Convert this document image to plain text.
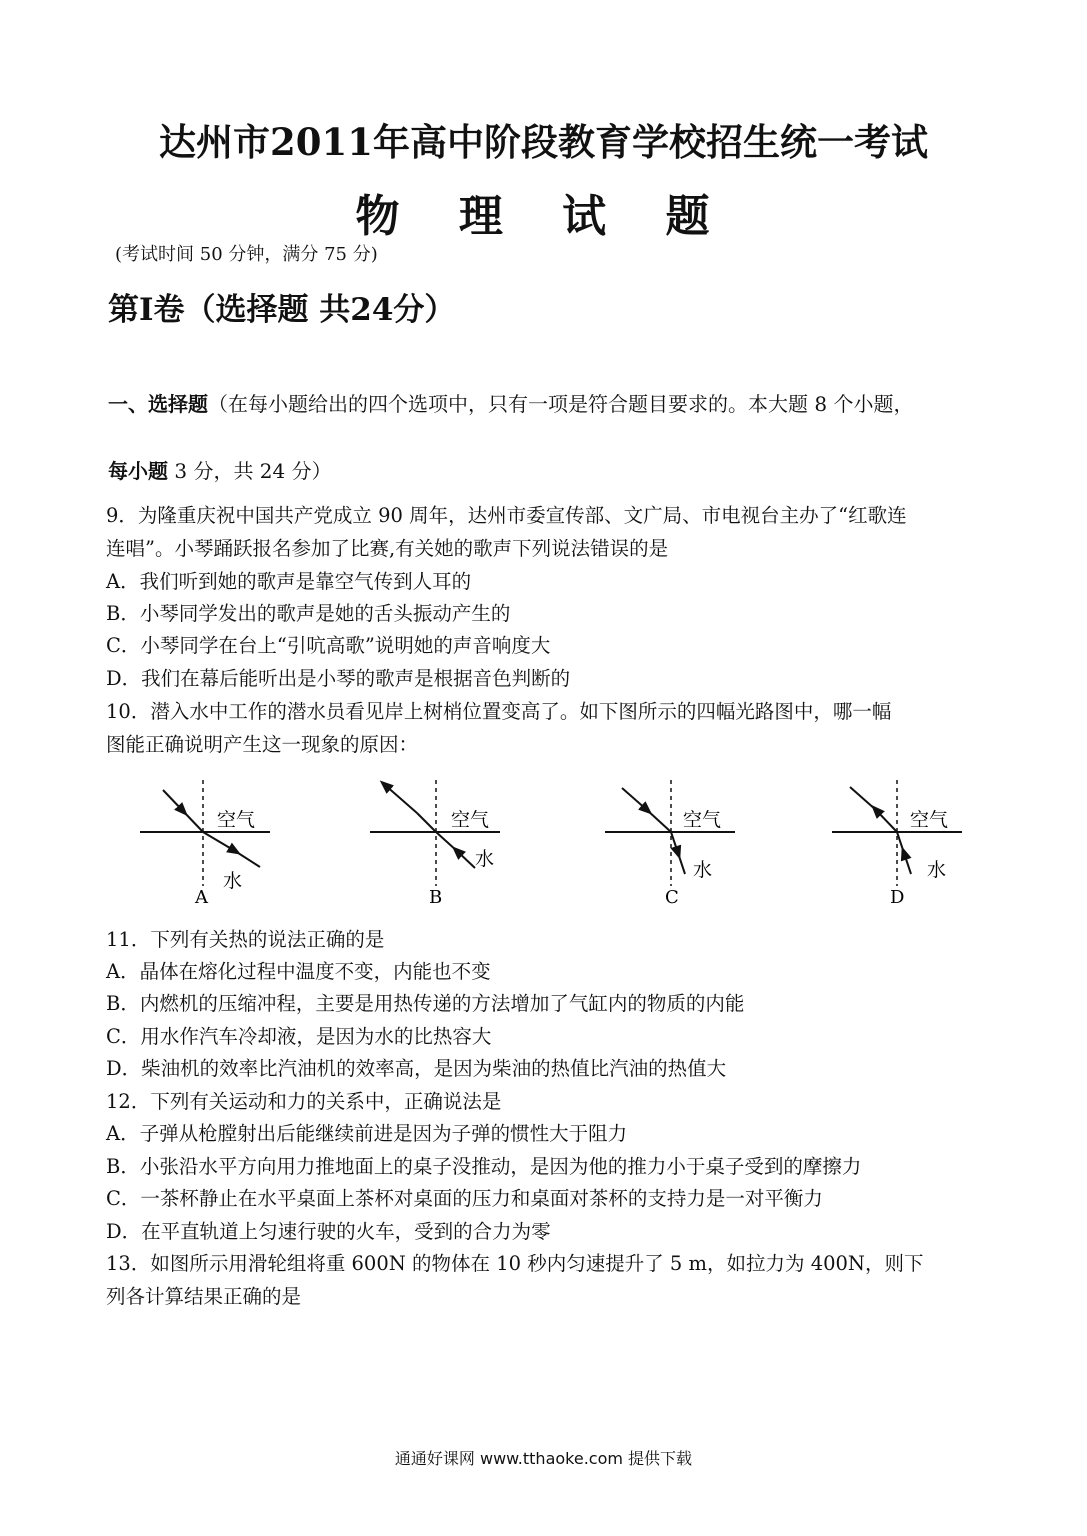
达州市2011年高中阶段教育学校招生统一考试
物 理 试 题
(考试时间 50 分钟，满分 75 分)
第I卷（选择题 共24分）
一、选择题（在每小题给出的四个选项中，只有一项是符合题目要求的。本大题 8 个小题，
每小题 3 分，共 24 分）
9．为隆重庆祝中国共产党成立 90 周年，达州市委宣传部、文广局、市电视台主办了“红歌连
连唱”。小琴踊跃报名参加了比赛,有关她的歌声下列说法错误的是
A．我们听到她的歌声是靠空气传到人耳的
B．小琴同学发出的歌声是她的舌头振动产生的
C．小琴同学在台上“引吭高歌”说明她的声音响度大
D．我们在幕后能听出是小琴的歌声是根据音色判断的
10．潜入水中工作的潜水员看见岸上树梢位置变高了。如下图所示的四幅光路图中，哪一幅
图能正确说明产生这一现象的原因：
空气
水
A
空气
水
B
空气
水
C
空气
水
D
11．下列有关热的说法正确的是
A．晶体在熔化过程中温度不变，内能也不变
B．内燃机的压缩冲程，主要是用热传递的方法增加了气缸内的物质的内能
C．用水作汽车冷却液，是因为水的比热容大
D．柴油机的效率比汽油机的效率高，是因为柴油的热值比汽油的热值大
12．下列有关运动和力的关系中，正确说法是
A．子弹从枪膛射出后能继续前进是因为子弹的惯性大于阻力
B．小张沿水平方向用力推地面上的桌子没推动，是因为他的推力小于桌子受到的摩擦力
C．一茶杯静止在水平桌面上茶杯对桌面的压力和桌面对茶杯的支持力是一对平衡力
D．在平直轨道上匀速行驶的火车，受到的合力为零
13．如图所示用滑轮组将重 600N 的物体在 10 秒内匀速提升了 5 m，如拉力为 400N，则下
列各计算结果正确的是
通通好课网 www.tthaoke.com 提供下载
